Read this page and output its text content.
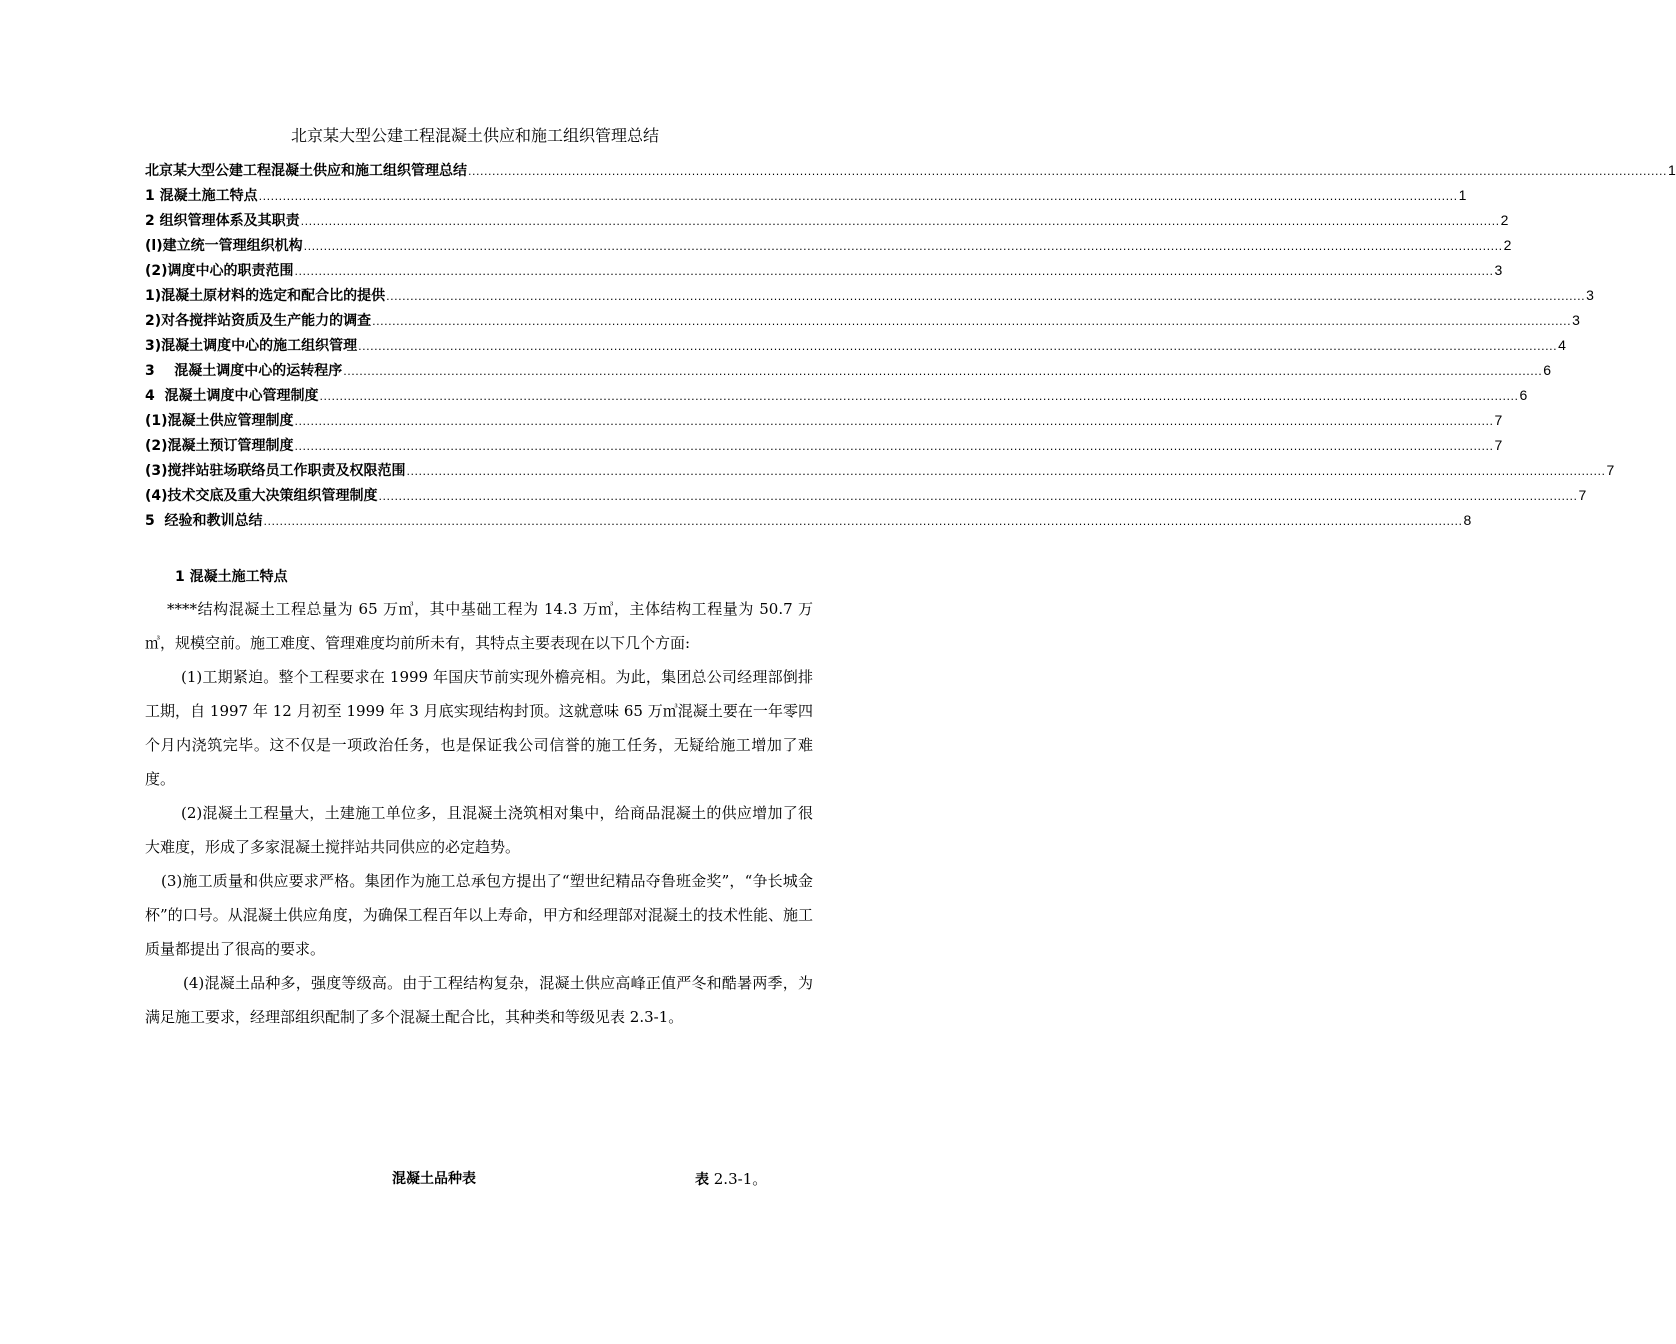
北京某大型公建工程混凝土供应和施工组织管理总结
北京某大型公建工程混凝土供应和施工组织管理总结 ............................................................................................................................................................................................................................................................................................................ 1
1 混凝土施工特点 ............................................................................................................................................................................................................................................................................................................ 1
2 组织管理体系及其职责 ............................................................................................................................................................................................................................................................................................................ 2
(l)建立统一管理组织机构 ............................................................................................................................................................................................................................................................................................................ 2
(2)调度中心的职责范围 ............................................................................................................................................................................................................................................................................................................ 3
1)混凝土原材料的选定和配合比的提供 ............................................................................................................................................................................................................................................................................................................ 3
2)对各搅拌站资质及生产能力的调查 ............................................................................................................................................................................................................................................................................................................ 3
3)混凝土调度中心的施工组织管理 ............................................................................................................................................................................................................................................................................................................ 4
3    混凝土调度中心的运转程序 ............................................................................................................................................................................................................................................................................................................ 6
4  混凝土调度中心管理制度 ............................................................................................................................................................................................................................................................................................................ 6
(1)混凝土供应管理制度 ............................................................................................................................................................................................................................................................................................................ 7
(2)混凝土预订管理制度 ............................................................................................................................................................................................................................................................................................................ 7
(3)搅拌站驻场联络员工作职责及权限范围 ............................................................................................................................................................................................................................................................................................................ 7
(4)技术交底及重大决策组织管理制度 ............................................................................................................................................................................................................................................................................................................ 7
5  经验和教训总结 ............................................................................................................................................................................................................................................................................................................ 8
1 混凝土施工特点

****结构混凝土工程总量为 65 万㎥，其中基础工程为 14.3 万㎥，主体结构工程量为 50.7 万㎥，规模空前。施工难度、管理难度均前所未有，其特点主要表现在以下几个方面:

(1)工期紧迫。整个工程要求在 1999 年国庆节前实现外檐亮相。为此，集团总公司经理部倒排工期，自 1997 年 12 月初至 1999 年 3 月底实现结构封顶。这就意味 65 万㎥混凝土要在一年零四个月内浇筑完毕。这不仅是一项政治任务，也是保证我公司信誉的施工任务，无疑给施工增加了难度。

(2)混凝土工程量大，土建施工单位多，且混凝土浇筑相对集中，给商品混凝土的供应增加了很大难度，形成了多家混凝土搅拌站共同供应的必定趋势。

(3)施工质量和供应要求严格。集团作为施工总承包方提出了“塑世纪精品夺鲁班金奖”，“争长城金杯”的口号。从混凝土供应角度，为确保工程百年以上寿命，甲方和经理部对混凝土的技术性能、施工质量都提出了很高的要求。

(4)混凝土品种多，强度等级高。由于工程结构复杂，混凝土供应高峰正值严冬和酷暑两季，为满足施工要求，经理部组织配制了多个混凝土配合比，其种类和等级见表 2.3-1。

混凝土品种表	表 2.3-1。
